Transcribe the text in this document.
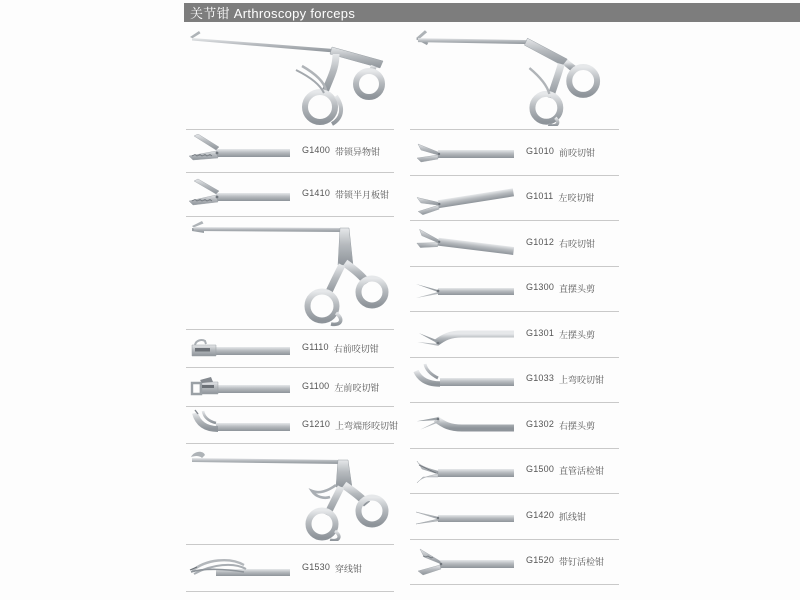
关节钳 Arthroscopy forceps
G1400 带锁异物钳
G1410 带锁半月板钳
G1110 右前咬切钳
G1100 左前咬切钳
G1210 上弯端形咬切钳
G1530 穿线钳
G1010 前咬切钳
G1011 左咬切钳
G1012 右咬切钳
G1300 直摆头剪
G1301 左摆头剪
G1033 上弯咬切钳
G1302 右摆头剪
G1500 直管活检钳
G1420 抓线钳
G1520 带钉活检钳
